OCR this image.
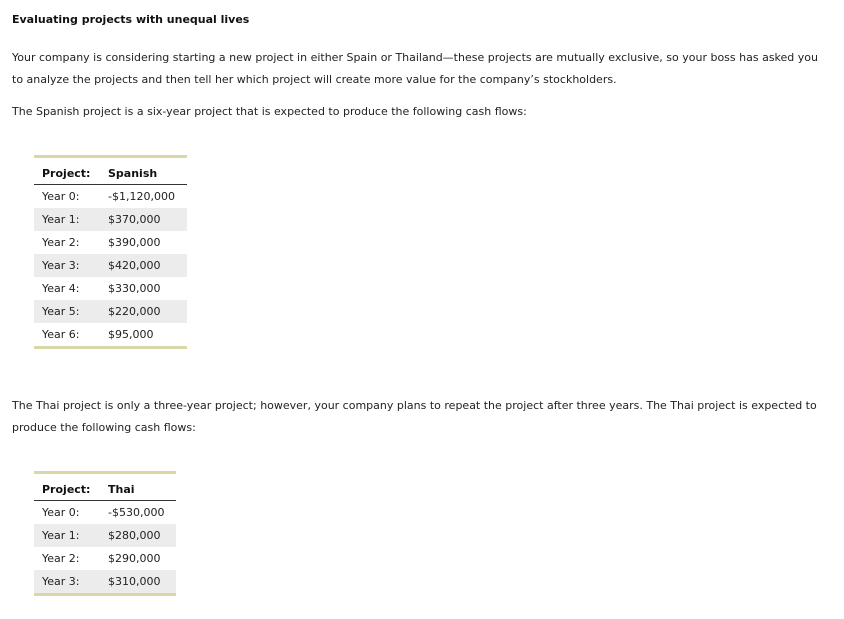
Evaluating projects with unequal lives

Your company is considering starting a new project in either Spain or Thailand—these projects are mutually exclusive, so your boss has asked you to analyze the projects and then tell her which project will create more value for the company’s stockholders.

The Spanish project is a six-year project that is expected to produce the following cash flows:

Project:	Spanish
Year 0:	-$1,120,000
Year 1:	$370,000
Year 2:	$390,000
Year 3:	$420,000
Year 4:	$330,000
Year 5:	$220,000
Year 6:	$95,000

The Thai project is only a three-year project; however, your company plans to repeat the project after three years. The Thai project is expected to produce the following cash flows:

Project:	Thai
Year 0:	-$530,000
Year 1:	$280,000
Year 2:	$290,000
Year 3:	$310,000
